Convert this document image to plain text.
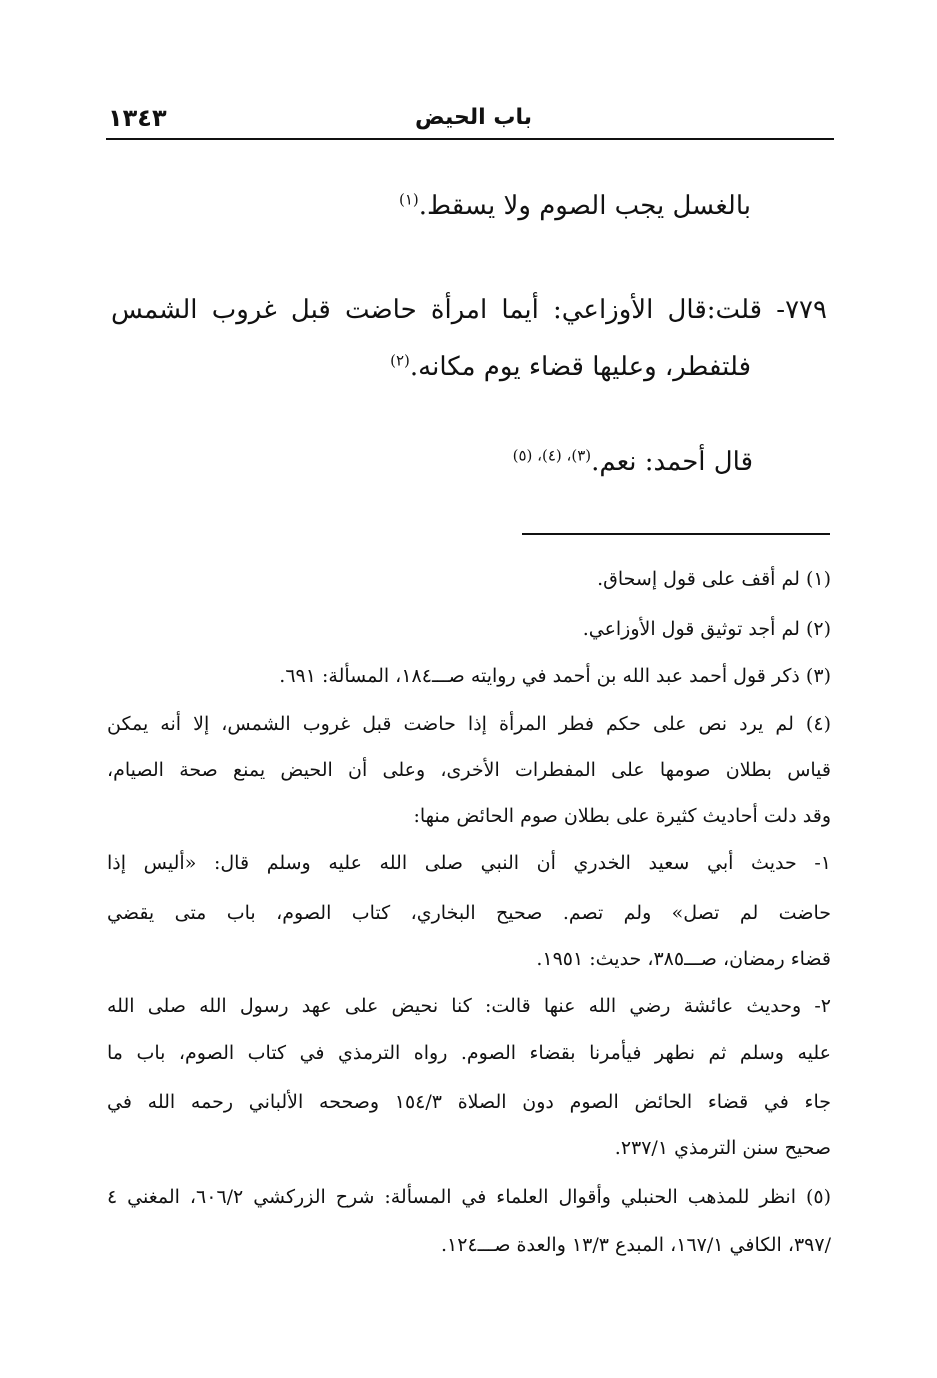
باب الحيض
١٣٤٣
بالغسل يجب الصوم ولا يسقط.$^{(١)}$
٧٧٩- قلت:قال الأوزاعي: أيما امرأة حاضت قبل غروب الشمس
فلتفطر، وعليها قضاء يوم مكانه.$^{(٢)}$
قال أحمد: نعم.$^{(٣)، (٤)، (٥)}$
(١) لم أقف على قول إسحاق.
(٢) لم أجد توثيق قول الأوزاعي.
(٣) ذكر قول أحمد عبد الله بن أحمد في روايته صـــ١٨٤، المسألة: ٦٩١.
(٤) لم يرد نص على حكم فطر المرأة إذا حاضت قبل غروب الشمس، إلا أنه يمكن
قياس بطلان صومها على المفطرات الأخرى، وعلى أن الحيض يمنع صحة الصيام،
وقد دلت أحاديث كثيرة على بطلان صوم الحائض منها:
١- حديث أبي سعيد الخدري أن النبي صلى الله عليه وسلم قال: «أليس إذا
حاضت لم تصل» ولم تصم. صحيح البخاري، كتاب الصوم، باب متى يقضي
قضاء رمضان، صـــ٣٨٥، حديث: ١٩٥١.
٢- وحديث عائشة رضي الله عنها قالت: كنا نحيض على عهد رسول الله صلى الله
عليه وسلم ثم نطهر فيأمرنا بقضاء الصوم. رواه الترمذي في كتاب الصوم، باب ما
جاء في قضاء الحائض الصوم دون الصلاة ١٥٤/٣ وصححه الألباني رحمه الله في
صحيح سنن الترمذي ٢٣٧/١.
(٥) انظر للمذهب الحنبلي وأقوال العلماء في المسألة: شرح الزركشي ٦٠٦/٢، المغني ٤
/٣٩٧، الكافي ١٦٧/١، المبدع ١٣/٣ والعدة صـــ١٢٤.
